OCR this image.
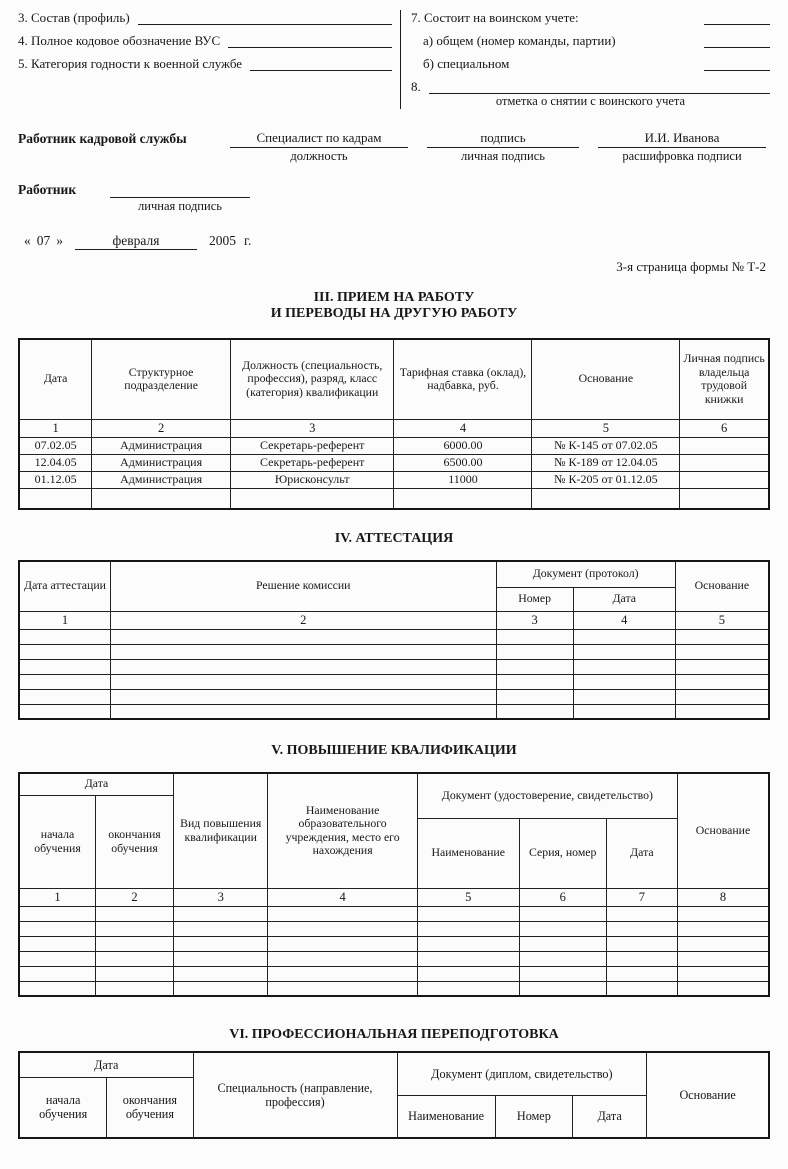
3. Состав (профиль)
4. Полное кодовое обозначение ВУС
5. Категория годности к военной службе
7. Состоит на воинском учете:
а) общем (номер команды, партии)
б) специальном
8.
отметка о снятии с воинского учета
Работник кадровой службы	Специалист по кадрам
должность
подпись
личная подпись
И.И. Иванова
расшифровка подписи
Работник
личная подпись
« 07 »	февраля	2005 г.
3-я страница формы № Т-2
III. ПРИЕМ НА РАБОТУ
И ПЕРЕВОДЫ НА ДРУГУЮ РАБОТУ
Дата	Структурное подразделение	Должность (специальность, профессия), разряд, класс (категория) квалификации	Тарифная ставка (оклад), надбавка, руб.	Основание	Личная подпись владельца трудовой книжки
1	2	3	4	5	6
07.02.05	Администрация	Секретарь-референт	6000.00	№ К-145 от 07.02.05	
12.04.05	Администрация	Секретарь-референт	6500.00	№ К-189 от 12.04.05	
01.12.05	Администрация	Юрисконсульт	11000	№ К-205 от 01.12.05	

IV. АТТЕСТАЦИЯ
Дата аттестации	Решение комиссии	Документ (протокол)		Основание
		Номер	Дата	
1	2	3	4	5

V. ПОВЫШЕНИЕ КВАЛИФИКАЦИИ
Дата		Вид повышения квалификации	Наименование образовательного учреждения, место его нахождения	Документ (удостоверение, свидетельство)			Основание
начала обучения	окончания обучения						
				Наименование	Серия, номер	Дата	
1	2	3	4	5	6	7	8

VI. ПРОФЕССИОНАЛЬНАЯ ПЕРЕПОДГОТОВКА
Дата		Специальность (направление, профессия)	Документ (диплом, свидетельство)			Основание
начала обучения	окончания обучения					
			Наименование	Номер	Дата	
